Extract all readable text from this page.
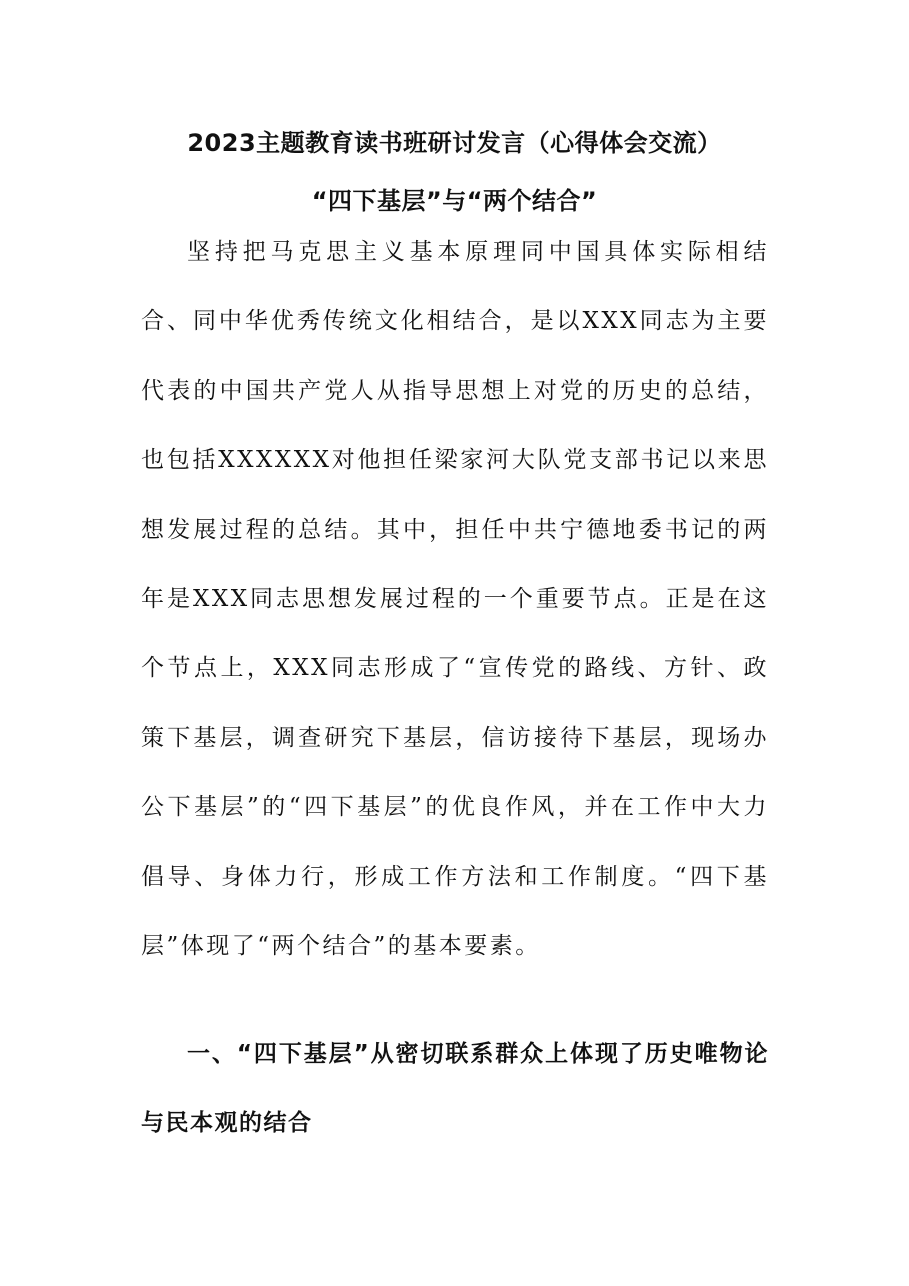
2023主题教育读书班研讨发言（心得体会交流）
“四下基层”与“两个结合”

坚持把马克思主义基本原理同中国具体实际相结合、同中华优秀传统文化相结合，是以XXX同志为主要代表的中国共产党人从指导思想上对党的历史的总结，也包括XXXXXX对他担任梁家河大队党支部书记以来思想发展过程的总结。其中，担任中共宁德地委书记的两年是XXX同志思想发展过程的一个重要节点。正是在这个节点上，XXX同志形成了“宣传党的路线、方针、政策下基层，调查研究下基层，信访接待下基层，现场办公下基层”的“四下基层”的优良作风，并在工作中大力倡导、身体力行，形成工作方法和工作制度。“四下基层”体现了“两个结合”的基本要素。

一、“四下基层”从密切联系群众上体现了历史唯物论与民本观的结合
